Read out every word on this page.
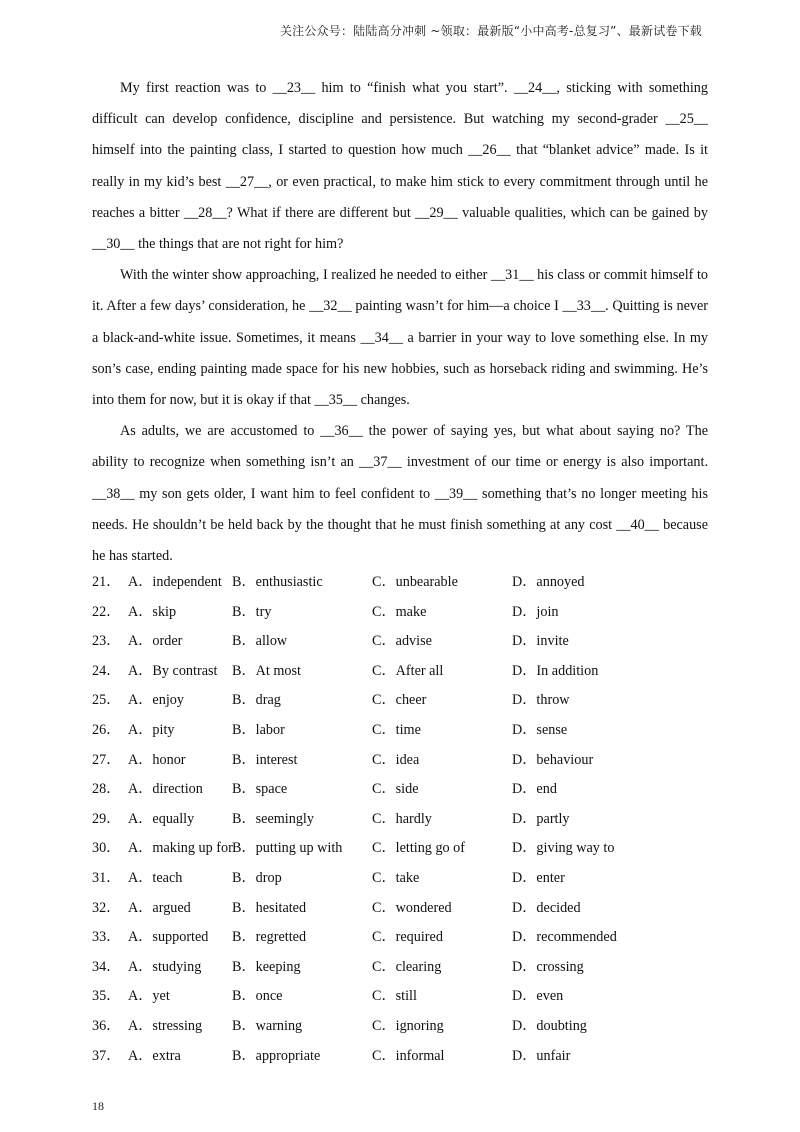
关注公众号：陆陆高分冲刺 ~领取：最新版“小中高考-总复习”、最新试卷下载

My first reaction was to __23__ him to “finish what you start”. __24__, sticking with something difficult can develop confidence, discipline and persistence. But watching my second-grader __25__ himself into the painting class, I started to question how much __26__ that “blanket advice” made. Is it really in my kid’s best __27__, or even practical, to make him stick to every commitment through until he reaches a bitter __28__? What if there are different but __29__ valuable qualities, which can be gained by __30__ the things that are not right for him?

With the winter show approaching, I realized he needed to either __31__ his class or commit himself to it. After a few days’ consideration, he __32__ painting wasn’t for him—a choice I __33__. Quitting is never a black-and-white issue. Sometimes, it means __34__ a barrier in your way to love something else. In my son’s case, ending painting made space for his new hobbies, such as horseback riding and swimming. He’s into them for now, but it is okay if that __35__ changes.

As adults, we are accustomed to __36__ the power of saying yes, but what about saying no? The ability to recognize when something isn’t an __37__ investment of our time or energy is also important. __38__ my son gets older, I want him to feel confident to __39__ something that’s no longer meeting his needs. He shouldn’t be held back by the thought that he must finish something at any cost __40__ because he has started.

21． A．independent B．enthusiastic	C．unbearable	D．annoyed
22． A．skip	B．try	C．make	D．join
23． A．order	B．allow	C．advise	D．invite
24． A．By contrast B．At most	C．After all	D．In addition
25． A．enjoy	B．drag	C．cheer	D．throw
26． A．pity	B．labor	C．time	D．sense
27． A．honor	B．interest	C．idea	D．behaviour
28． A．direction B．space	C．side	D．end
29． A．equally	B．seemingly	C．hardly	D．partly
30． A．making up for B．putting up with C．letting go of	D．giving way to
31． A．teach	B．drop	C．take	D．enter
32． A．argued	B．hesitated	C．wondered	D．decided
33． A．supported B．regretted	C．required	D．recommended
34． A．studying B．keeping	C．clearing	D．crossing
35． A．yet	B．once	C．still	D．even
36． A．stressing B．warning	C．ignoring	D．doubting
37． A．extra	B．appropriate	C．informal	D．unfair
18
